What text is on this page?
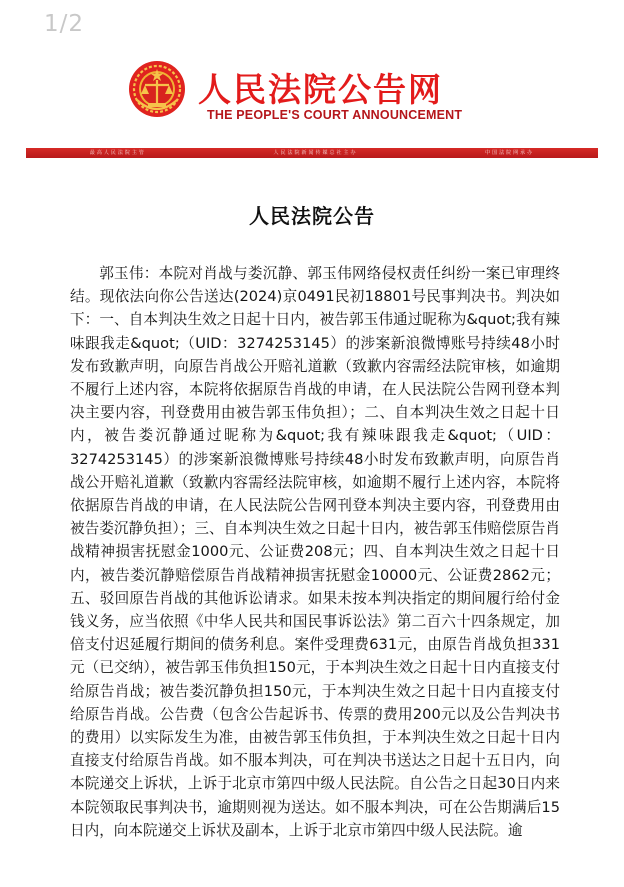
1/2
人民法院公告网
THE PEOPLE'S COURT ANNOUNCEMENT
最高人民法院主管	人民法院新闻传媒总社主办	中国法院网承办
人民法院公告

郭玉伟：本院对肖战与娄沉静、郭玉伟网络侵权责任纠纷一案已审理终结。现依法向你公告送达(2024)京0491民初18801号民事判决书。判决如下：一、自本判决生效之日起十日内，被告郭玉伟通过昵称为&quot;我有辣味跟我走&quot;（UID：3274253145）的涉案新浪微博账号持续48小时发布致歉声明，向原告肖战公开赔礼道歉（致歉内容需经法院审核，如逾期不履行上述内容，本院将依据原告肖战的申请，在人民法院公告网刊登本判决主要内容，刊登费用由被告郭玉伟负担）；二、自本判决生效之日起十日内，被告娄沉静通过昵称为&quot;我有辣味跟我走&quot;（UID：3274253145）的涉案新浪微博账号持续48小时发布致歉声明，向原告肖战公开赔礼道歉（致歉内容需经法院审核，如逾期不履行上述内容，本院将依据原告肖战的申请，在人民法院公告网刊登本判决主要内容，刊登费用由被告娄沉静负担）；三、自本判决生效之日起十日内，被告郭玉伟赔偿原告肖战精神损害抚慰金1000元、公证费208元；四、自本判决生效之日起十日内，被告娄沉静赔偿原告肖战精神损害抚慰金10000元、公证费2862元；五、驳回原告肖战的其他诉讼请求。如果未按本判决指定的期间履行给付金钱义务，应当依照《中华人民共和国民事诉讼法》第二百六十四条规定，加倍支付迟延履行期间的债务利息。案件受理费631元，由原告肖战负担331元（已交纳），被告郭玉伟负担150元，于本判决生效之日起十日内直接支付给原告肖战；被告娄沉静负担150元，于本判决生效之日起十日内直接支付给原告肖战。公告费（包含公告起诉书、传票的费用200元以及公告判决书的费用）以实际发生为准，由被告郭玉伟负担，于本判决生效之日起十日内直接支付给原告肖战。如不服本判决，可在判决书送达之日起十五日内，向本院递交上诉状，上诉于北京市第四中级人民法院。自公告之日起30日内来本院领取民事判决书，逾期则视为送达。如不服本判决，可在公告期满后15日内，向本院递交上诉状及副本，上诉于北京市第四中级人民法院。逾
